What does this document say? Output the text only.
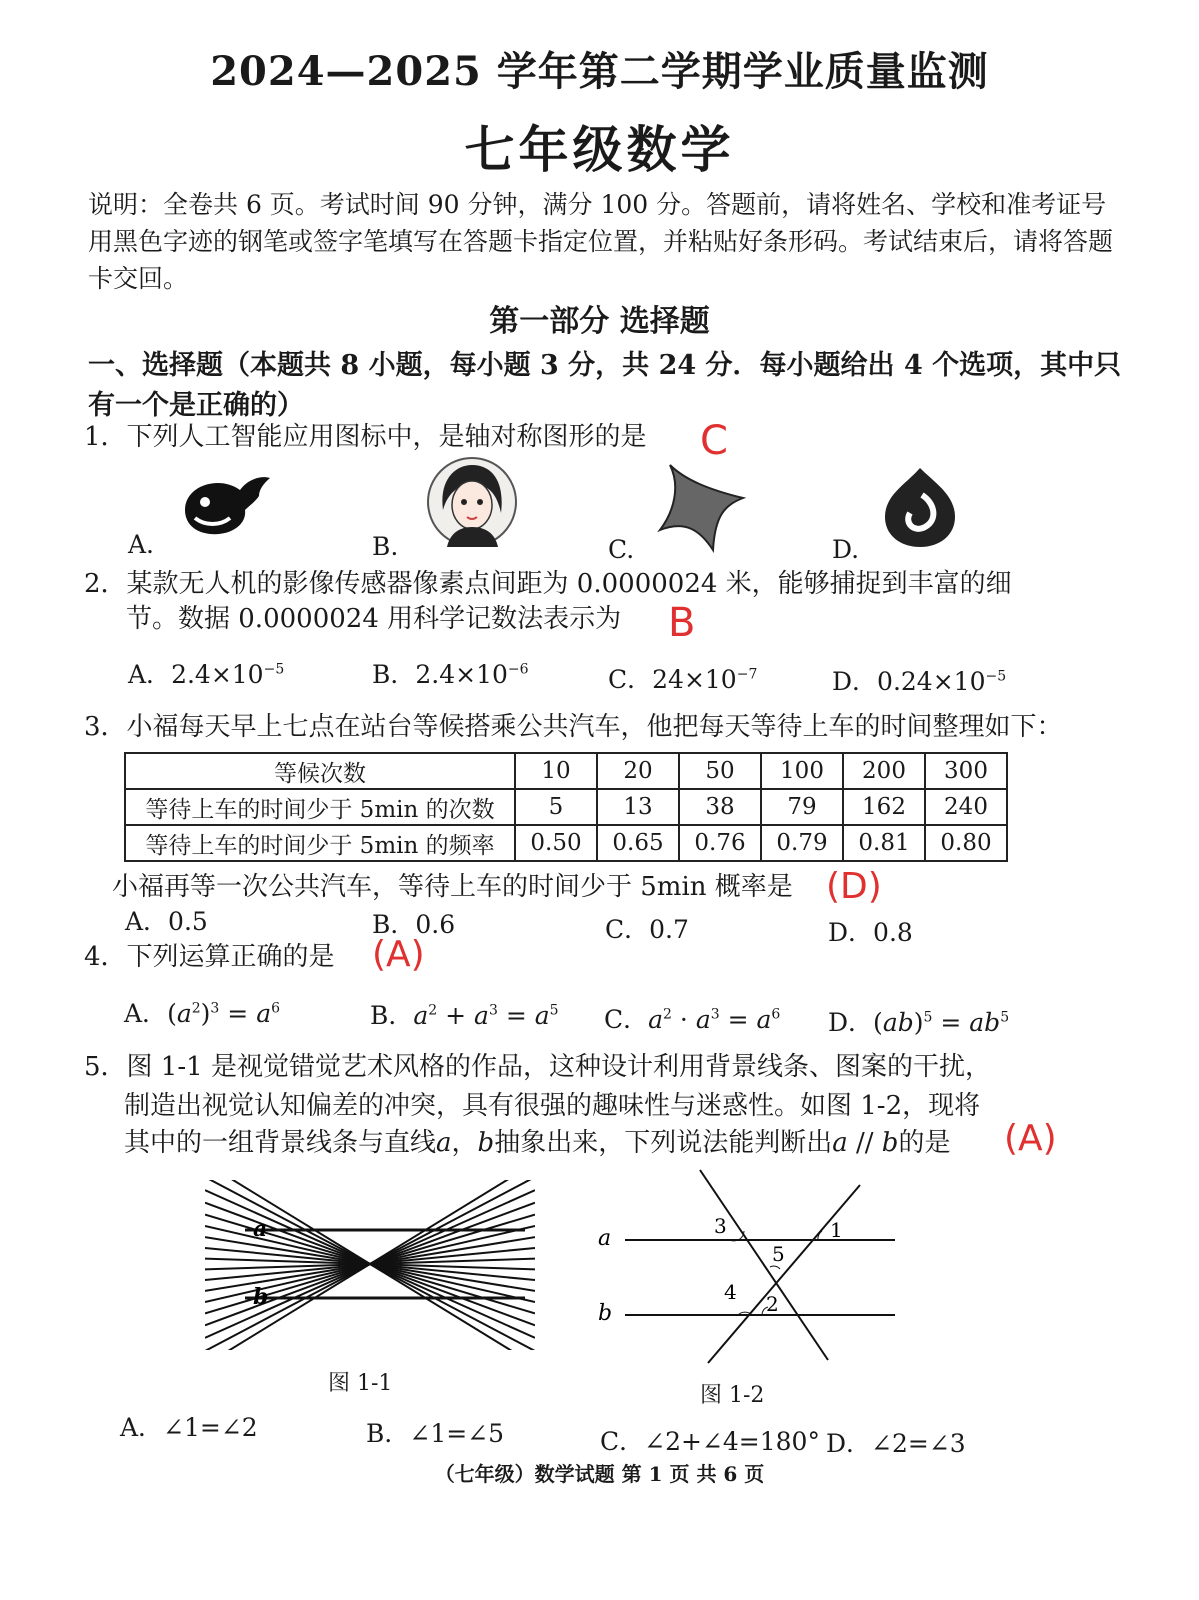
2024—2025 学年第二学期学业质量监测
七年级数学
说明：全卷共 6 页。考试时间 90 分钟，满分 100 分。答题前，请将姓名、学校和准考证号用黑色字迹的钢笔或签字笔填写在答题卡指定位置，并粘贴好条形码。考试结束后，请将答题卡交回。
第一部分 选择题
一、选择题（本题共 8 小题，每小题 3 分，共 24 分．每小题给出 4 个选项，其中只有一个是正确的）
1．下列人工智能应用图标中，是轴对称图形的是 C
A.	B.	C.	D.
2．某款无人机的影像传感器像素点间距为 0.0000024 米，能够捕捉到丰富的细
节。数据 0.0000024 用科学记数法表示为 B
A．$2.4\times 10^{-5}$	B．$2.4\times 10^{-6}$	C．$24\times 10^{-7}$	D．$0.24\times 10^{-5}$
3．小福每天早上七点在站台等候搭乘公共汽车，他把每天等待上车的时间整理如下：
等候次数	10	20	50	100	200	300
等待上车的时间少于 5min 的次数	5	13	38	79	162	240
等待上车的时间少于 5min 的频率	0.50	0.65	0.76	0.79	0.81	0.80
小福再等一次公共汽车，等待上车的时间少于 5min 概率是 (D)
A．0.5	B．0.6	C．0.7	D．0.8
4．下列运算正确的是 (A)
A．$(a^2)^3 = a^6$	B．$a^2 + a^3 = a^5$ C．$a^2 \cdot a^3 = a^6$ D．$(ab)^5 = ab^5$
5．图 1-1 是视觉错觉艺术风格的作品，这种设计利用背景线条、图案的干扰，
制造出视觉认知偏差的冲突，具有很强的趣味性与迷惑性。如图 1-2，现将
其中的一组背景线条与直线a，b抽象出来，下列说法能判断出a // b的是 (A)
a
b
图 1-1
a
b
1
2
3
4
5
图 1-2
A．∠1=∠2	B．∠1=∠5	C．∠2+∠4=180° D．∠2=∠3
（七年级）数学试题 第 1 页 共 6 页
